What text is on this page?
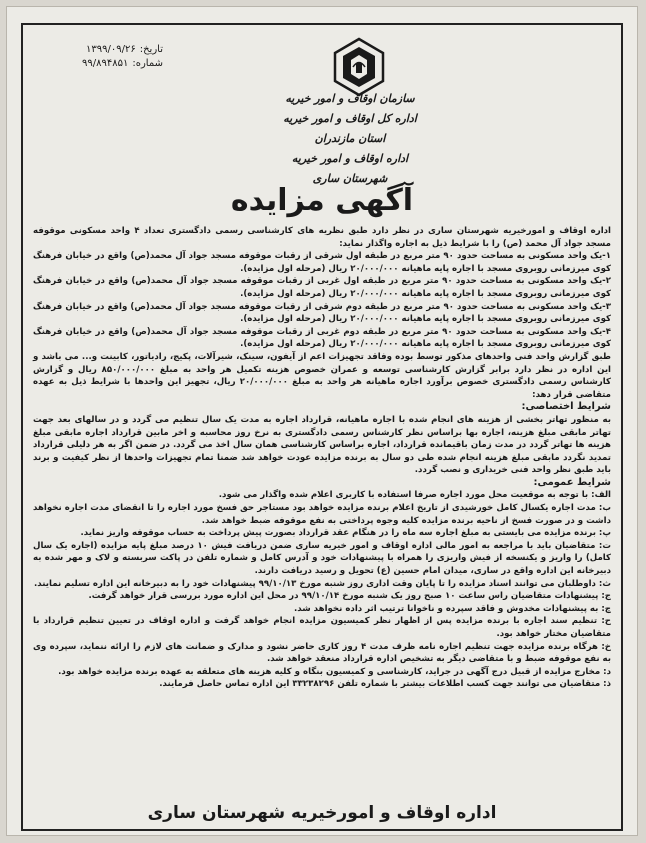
تاریخ:
۱۳۹۹/۰۹/۲۶
شماره:
۹۹/۸۹۴۸۵۱
سازمان اوقاف و امور خیریه
اداره کل اوقاف و امور خیریه استان مازندران
اداره اوقاف و امور خیریه شهرستان ساری
آگهی مزایده

اداره اوقاف و امورخیریه شهرستان ساری در نظر دارد طبق نظریه های کارشناسی رسمی دادگستری تعداد ۴ واحد مسکونی موقوفه مسجد جواد آل محمد (ص) را با شرایط ذیل به اجاره واگذار نماید:

۱-یک واحد مسکونی به مساحت حدود ۹۰ متر مربع در طبقه اول شرقی از رقبات موقوفه مسجد جواد آل محمد(ص) واقع در خیابان فرهنگ کوی میرزمانی روبروی مسجد با اجاره پایه ماهیانه ۲۰/۰۰۰/۰۰۰ ریال (مرحله اول مزایده).

۲-یک واحد مسکونی به مساحت حدود ۹۰ متر مربع در طبقه اول غربی از رقبات موقوفه مسجد جواد آل محمد(ص) واقع در خیابان فرهنگ کوی میرزمانی روبروی مسجد با اجاره پایه ماهیانه ۲۰/۰۰۰/۰۰۰ ریال (مرحله اول مزایده).

۳-یک واحد مسکونی به مساحت حدود ۹۰ متر مربع در طبقه دوم شرقی از رقبات موقوفه مسجد جواد آل محمد(ص) واقع در خیابان فرهنگ کوی میرزمانی روبروی مسجد با اجاره پایه ماهیانه ۲۰/۰۰۰/۰۰۰ ریال (مرحله اول مزایده).

۴-یک واحد مسکونی به مساحت حدود ۹۰ متر مربع در طبقه دوم غربی از رقبات موقوفه مسجد جواد آل محمد(ص) واقع در خیابان فرهنگ کوی میرزمانی روبروی مسجد با اجاره پایه ماهیانه ۲۰/۰۰۰/۰۰۰ ریال (مرحله اول مزایده).

طبق گزارش واحد فنی واحدهای مذکور توسط بوده وفاقد تجهیزات اعم از آیفون، سینک، شیرآلات، پکیج، رادیاتور، کابینت و... می باشد و این اداره در نظر دارد برابر گزارش کارشناسی توسعه و عمران خصوص هزینه تکمیل هر واحد به مبلغ ۸۵۰/۰۰۰/۰۰۰ ریال و گزارش کارشناس رسمی دادگستری خصوص برآورد اجاره ماهیانه هر واحد به مبلغ ۲۰/۰۰۰/۰۰۰ ریال، تجهیز این واحدها با شرایط ذیل به عهده متقاضی قرار دهد:

شرایط اختصاصی:

به منظور تهاتر بخشی از هزینه های انجام شده با اجاره ماهیانه، قرارداد اجاره به مدت یک سال تنظیم می گردد و در سالهای بعد جهت تهاتر مابقی مبلغ هزینه، اجاره بها براساس نظر کارشناس رسمی دادگستری به نرخ روز محاسبه و اخر مابین قرارداد اجاره مابقی مبلغ هزینه ها تهاتر گردد در مدت زمان باقیمانده قرارداد، اجاره براساس کارشناسی همان سال اخذ می گردد. در ضمن اگر به هر دلیلی قرارداد تمدید نگردد مابقی مبلغ هزینه انجام شده طی دو سال به برنده مزایده عودت خواهد شد ضمنا تمام تجهیزات واحدها از نظر کیفیت و برند باید طبق نظر واحد فنی خریداری و نصب گردد.

شرایط عمومی:

الف: با توجه به موقعیت محل مورد اجاره صرفا استفاده با کاربری اعلام شده واگذار می شود.

ب: مدت اجاره یکسال کامل خورشیدی از تاریخ اعلام برنده مزایده خواهد بود مستاجر حق فسخ مورد اجاره را تا انقضای مدت اجاره نخواهد داشت و در صورت فسخ از ناحیه برنده مزایده کلیه وجوه پرداختی به نفع موقوفه ضبط خواهد شد.

پ: برنده مزایده می بایستی به مبلغ اجاره سه ماه را در هنگام عقد قرارداد بصورت پیش پرداخت به حساب موقوفه واریز نماید.

ت: متقاضیان باید با مراجعه به امور مالی اداره اوقاف و امور خیریه ساری ضمن دریافت فیش ۱۰ درصد مبلغ پایه مزایده (اجاره یک سال کامل) را واریز و یکنسخه از فیش واریزی را همراه با پیشنهادات خود و آدرس کامل و شماره تلفن در پاکت سربسته و لاک و مهر شده به دبیرخانه این اداره واقع در ساری، میدان امام حسین (ع) تحویل و رسید دریافت دارند.

ث: داوطلبان می توانند اسناد مزایده را تا پایان وقت اداری روز شنبه مورخ ۹۹/۱۰/۱۳ پیشنهادات خود را به دبیرخانه این اداره تسلیم نمایند.

ج: پیشنهادات متقاضیان راس ساعت ۱۰ صبح روز یک شنبه مورخ ۹۹/۱۰/۱۴ در محل این اداره مورد بررسی قرار خواهد گرفت.

چ: به پیشنهادات مخدوش و فاقد سپرده و ناخوانا ترتیب اثر داده نخواهد شد.

ح: تنظیم سند اجاره با برنده مزایده پس از اظهار نظر کمیسیون مزایده انجام خواهد گرفت و اداره اوقاف در تعیین تنظیم قرارداد با متقاضیان مختار خواهد بود.

خ: هرگاه برنده مزایده جهت تنظیم اجاره نامه ظرف مدت ۴ روز کاری حاضر نشود و مدارک و ضمانت های لازم را ارائه ننماید، سپرده وی به نفع موقوفه ضبط و با متقاضی دیگر به تشخیص اداره قرارداد منعقد خواهد شد.

د: مخارج مزایده از قبیل درج آگهی در جراید، کارشناسی و کمیسیون بنگاه و کلیه هزینه های متعلقه به عهده برنده مزایده خواهد بود.

ذ: متقاضیان می توانند جهت کسب اطلاعات بیشتر با شماره تلفن ۳۳۲۳۸۲۹۶ این اداره تماس حاصل فرمایند.

اداره اوقاف و امورخیریه شهرستان ساری
